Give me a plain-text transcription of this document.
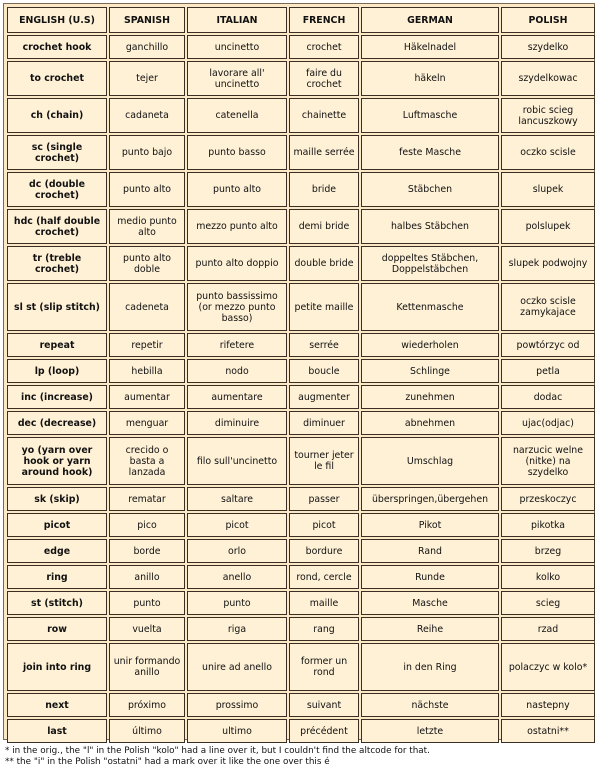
ENGLISH (U.S)	SPANISH	ITALIAN	FRENCH	GERMAN	POLISH
crochet hook	ganchillo	uncinetto	crochet	Häkelnadel	szydelko
to crochet	tejer	lavorare all' uncinetto	faire du crochet	häkeln	szydelkowac
ch (chain)	cadaneta	catenella	chainette	Luftmasche	robic scieg lancuszkowy
sc (single crochet)	punto bajo	punto basso	maille serrée	feste Masche	oczko scisle
dc (double crochet)	punto alto	punto alto	bride	Stäbchen	slupek
hdc (half double crochet)	medio punto alto	mezzo punto alto	demi bride	halbes Stäbchen	polslupek
tr (treble crochet)	punto alto doble	punto alto doppio	double bride	doppeltes Stäbchen, Doppelstäbchen	slupek podwojny
sl st (slip stitch)	cadeneta	punto bassissimo (or mezzo punto basso)	petite maille	Kettenmasche	oczko scisle zamykajace
repeat	repetir	rifetere	serrée	wiederholen	powtórzyc od
lp (loop)	hebilla	nodo	boucle	Schlinge	petla
inc (increase)	aumentar	aumentare	augmenter	zunehmen	dodac
dec (decrease)	menguar	diminuire	diminuer	abnehmen	ujac(odjac)
yo (yarn over hook or yarn around hook)	crecido o basta a lanzada	filo sull'uncinetto	tourner jeter le fil	Umschlag	narzucic welne (nitke) na szydelko
sk (skip)	rematar	saltare	passer	überspringen,übergehen	przeskoczyc
picot	pico	picot	picot	Pikot	pikotka
edge	borde	orlo	bordure	Rand	brzeg
ring	anillo	anello	rond, cercle	Runde	kolko
st (stitch)	punto	punto	maille	Masche	scieg
row	vuelta	riga	rang	Reihe	rzad
join into ring	unir formando anillo	unire ad anello	former un rond	in den Ring	polaczyc w kolo*
next	próximo	prossimo	suivant	nächste	nastepny
last	último	ultimo	précédent	letzte	ostatni**
* in the orig., the "l" in the Polish "kolo" had a line over it, but I couldn't find the altcode for that.
** the "i" in the Polish "ostatni" had a mark over it like the one over this é
